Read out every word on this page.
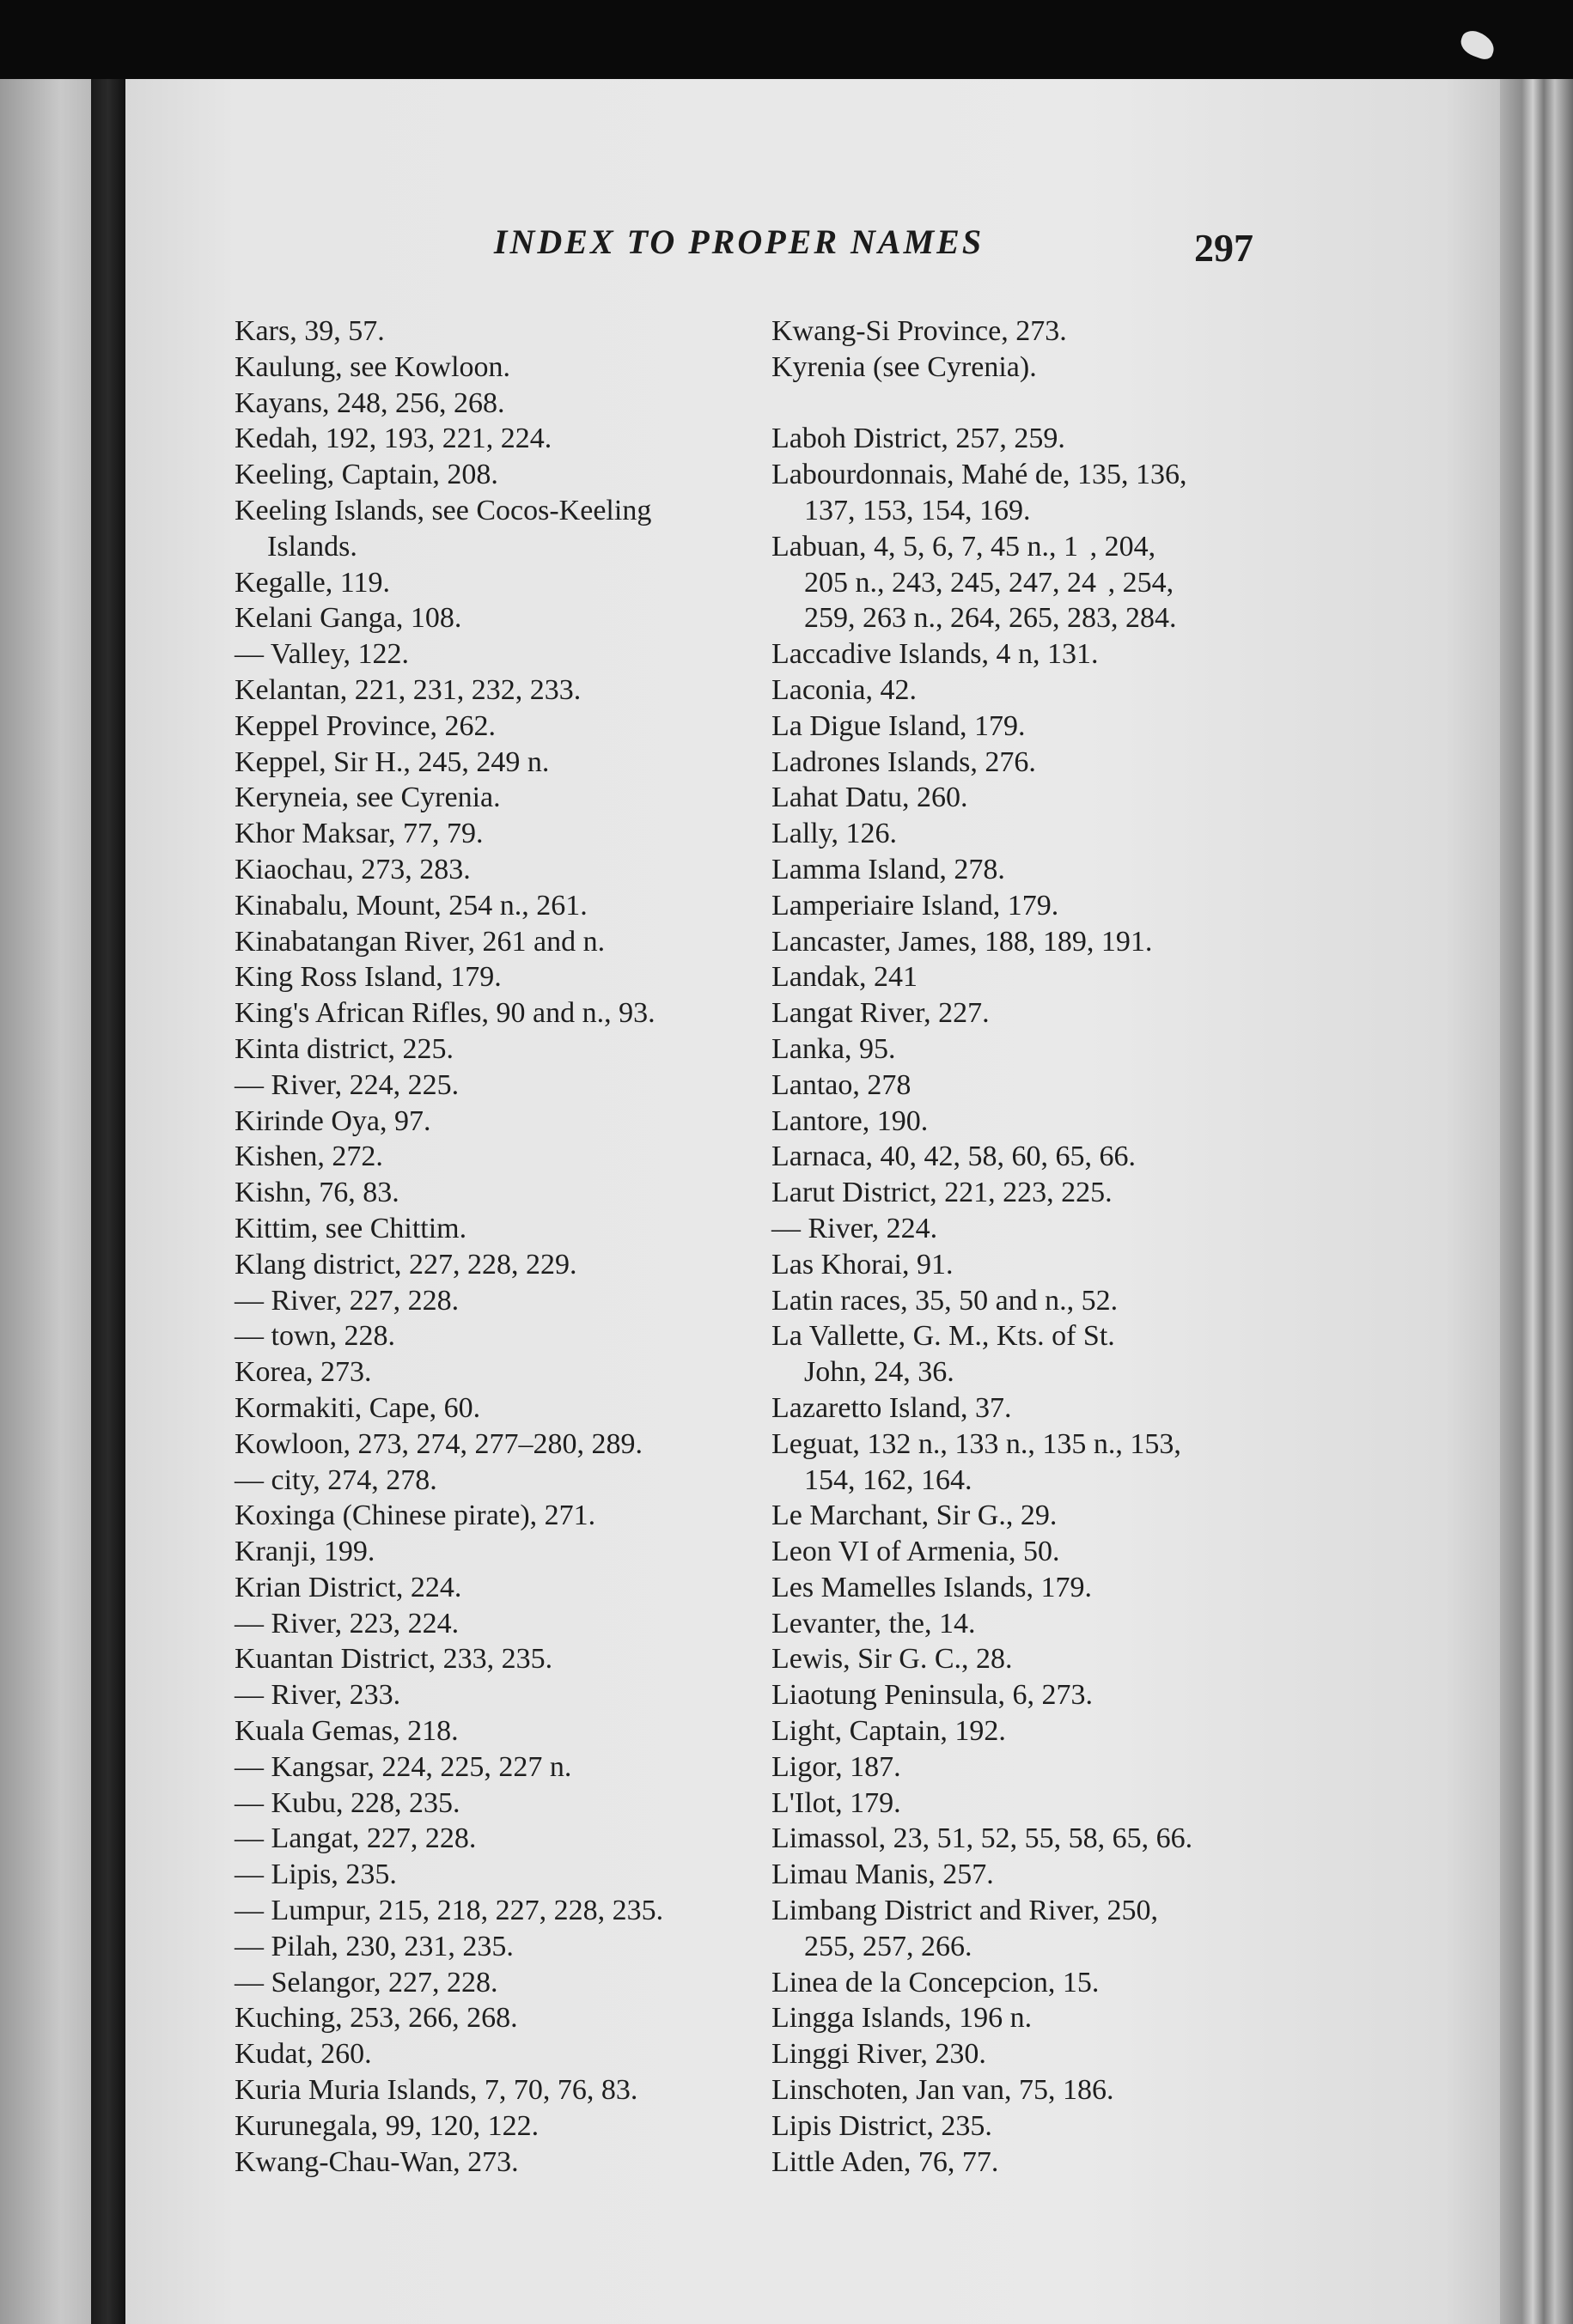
INDEX TO PROPER NAMES	297
Kars, 39, 57.
Kaulung, see Kowloon.
Kayans, 248, 256, 268.
Kedah, 192, 193, 221, 224.
Keeling, Captain, 208.
Keeling Islands, see Cocos-Keeling
Islands.
Kegalle, 119.
Kelani Ganga, 108.
— Valley, 122.
Kelantan, 221, 231, 232, 233.
Keppel Province, 262.
Keppel, Sir H., 245, 249 n.
Keryneia, see Cyrenia.
Khor Maksar, 77, 79.
Kiaochau, 273, 283.
Kinabalu, Mount, 254 n., 261.
Kinabatangan River, 261 and n.
King Ross Island, 179.
King's African Rifles, 90 and n., 93.
Kinta district, 225.
— River, 224, 225.
Kirinde Oya, 97.
Kishen, 272.
Kishn, 76, 83.
Kittim, see Chittim.
Klang district, 227, 228, 229.
— River, 227, 228.
— town, 228.
Korea, 273.
Kormakiti, Cape, 60.
Kowloon, 273, 274, 277–280, 289.
— city, 274, 278.
Koxinga (Chinese pirate), 271.
Kranji, 199.
Krian District, 224.
— River, 223, 224.
Kuantan District, 233, 235.
— River, 233.
Kuala Gemas, 218.
— Kangsar, 224, 225, 227 n.
— Kubu, 228, 235.
— Langat, 227, 228.
— Lipis, 235.
— Lumpur, 215, 218, 227, 228, 235.
— Pilah, 230, 231, 235.
— Selangor, 227, 228.
Kuching, 253, 266, 268.
Kudat, 260.
Kuria Muria Islands, 7, 70, 76, 83.
Kurunegala, 99, 120, 122.
Kwang-Chau-Wan, 273.
Kwang-Si Province, 273.
Kyrenia (see Cyrenia).
Laboh District, 257, 259.
Labourdonnais, Mahé de, 135, 136,
137, 153, 154, 169.
Labuan, 4, 5, 6, 7, 45 n., 1  , 204,
205 n., 243, 245, 247, 24  , 254,
259, 263 n., 264, 265, 283, 284.
Laccadive Islands, 4 n, 131.
Laconia, 42.
La Digue Island, 179.
Ladrones Islands, 276.
Lahat Datu, 260.
Lally, 126.
Lamma Island, 278.
Lamperiaire Island, 179.
Lancaster, James, 188, 189, 191.
Landak, 241
Langat River, 227.
Lanka, 95.
Lantao, 278
Lantore, 190.
Larnaca, 40, 42, 58, 60, 65, 66.
Larut District, 221, 223, 225.
— River, 224.
Las Khorai, 91.
Latin races, 35, 50 and n., 52.
La Vallette, G. M., Kts. of St.
John, 24, 36.
Lazaretto Island, 37.
Leguat, 132 n., 133 n., 135 n., 153,
154, 162, 164.
Le Marchant, Sir G., 29.
Leon VI of Armenia, 50.
Les Mamelles Islands, 179.
Levanter, the, 14.
Lewis, Sir G. C., 28.
Liaotung Peninsula, 6, 273.
Light, Captain, 192.
Ligor, 187.
L'Ilot, 179.
Limassol, 23, 51, 52, 55, 58, 65, 66.
Limau Manis, 257.
Limbang District and River, 250,
255, 257, 266.
Linea de la Concepcion, 15.
Lingga Islands, 196 n.
Linggi River, 230.
Linschoten, Jan van, 75, 186.
Lipis District, 235.
Little Aden, 76, 77.
